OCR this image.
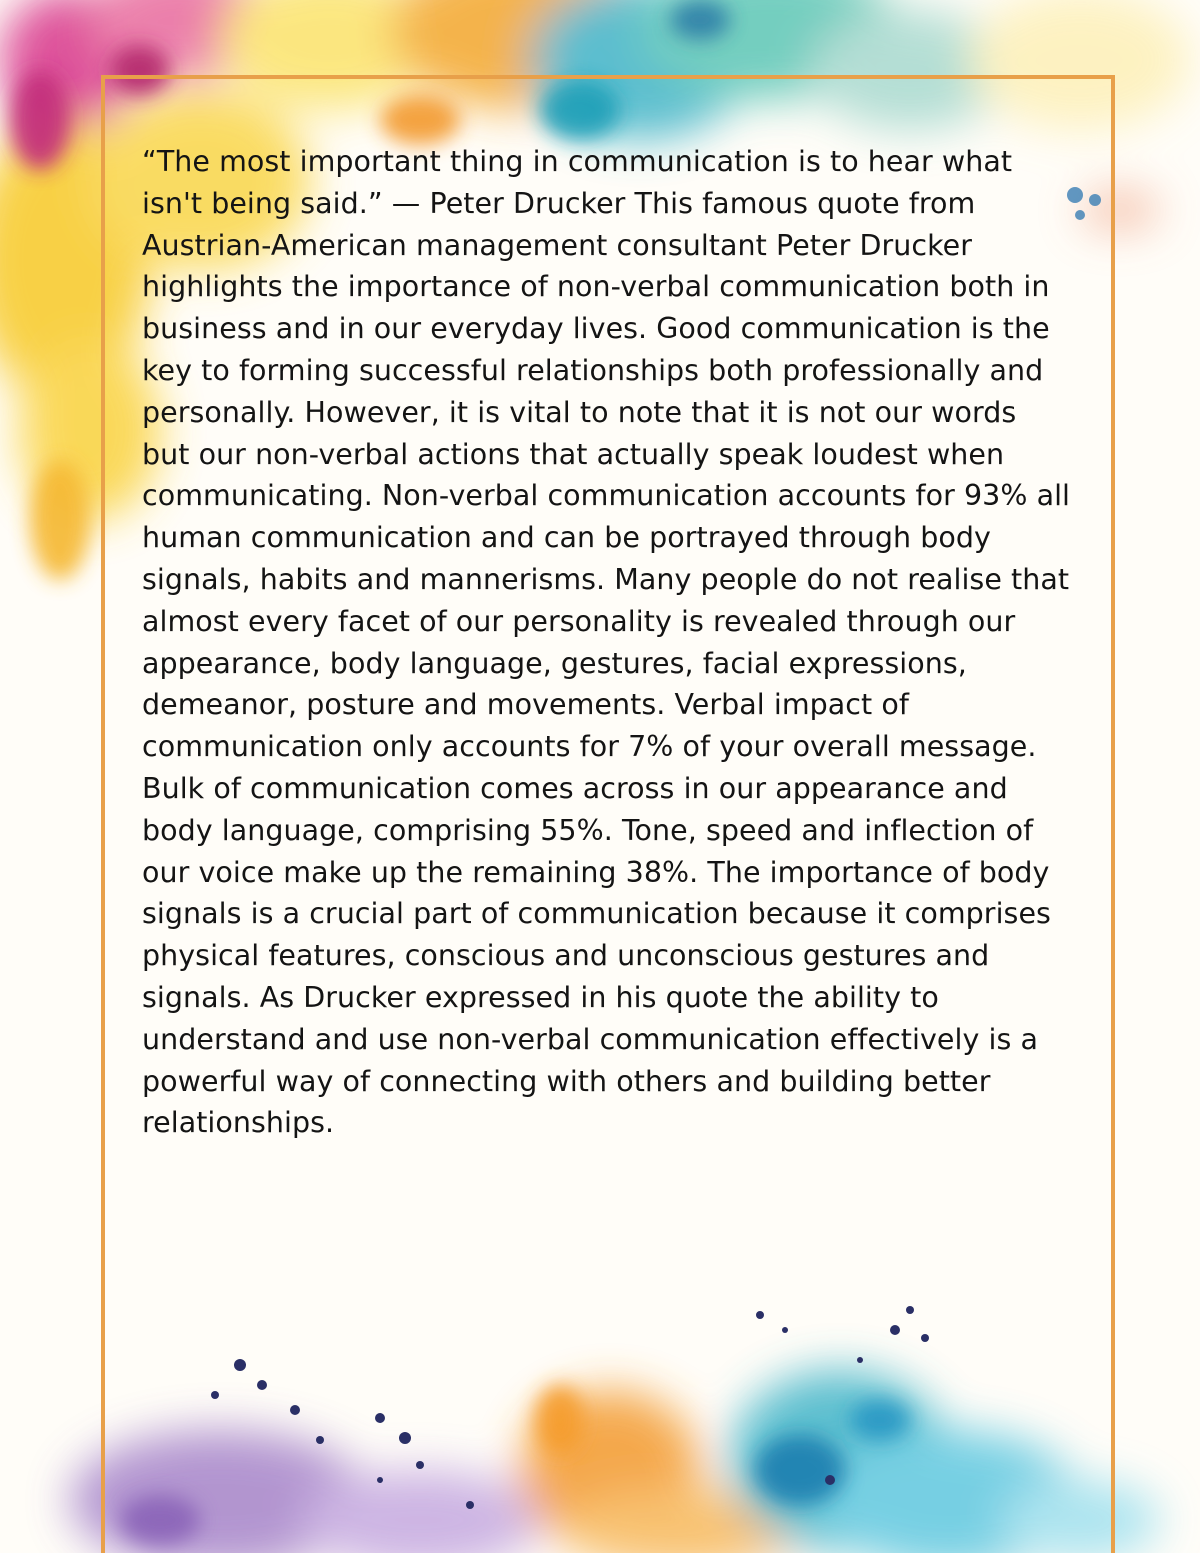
“The most important thing in communication is to hear what isn't being said.” — Peter Drucker This famous quote from Austrian-American management consultant Peter Drucker highlights the importance of non-verbal communication both in business and in our everyday lives. Good communication is the key to forming successful relationships both professionally and personally. However, it is vital to note that it is not our words but our non-verbal actions that actually speak loudest when communicating. Non-verbal communication accounts for 93% all human communication and can be portrayed through body signals, habits and mannerisms. Many people do not realise that almost every facet of our personality is revealed through our appearance, body language, gestures, facial expressions, demeanor, posture and movements. Verbal impact of communication only accounts for 7% of your overall message. Bulk of communication comes across in our appearance and body language, comprising 55%. Tone, speed and inflection of our voice make up the remaining 38%. The importance of body signals is a crucial part of communication because it comprises physical features, conscious and unconscious gestures and signals. As Drucker expressed in his quote the ability to understand and use non-verbal communication effectively is a powerful way of connecting with others and building better relationships.
